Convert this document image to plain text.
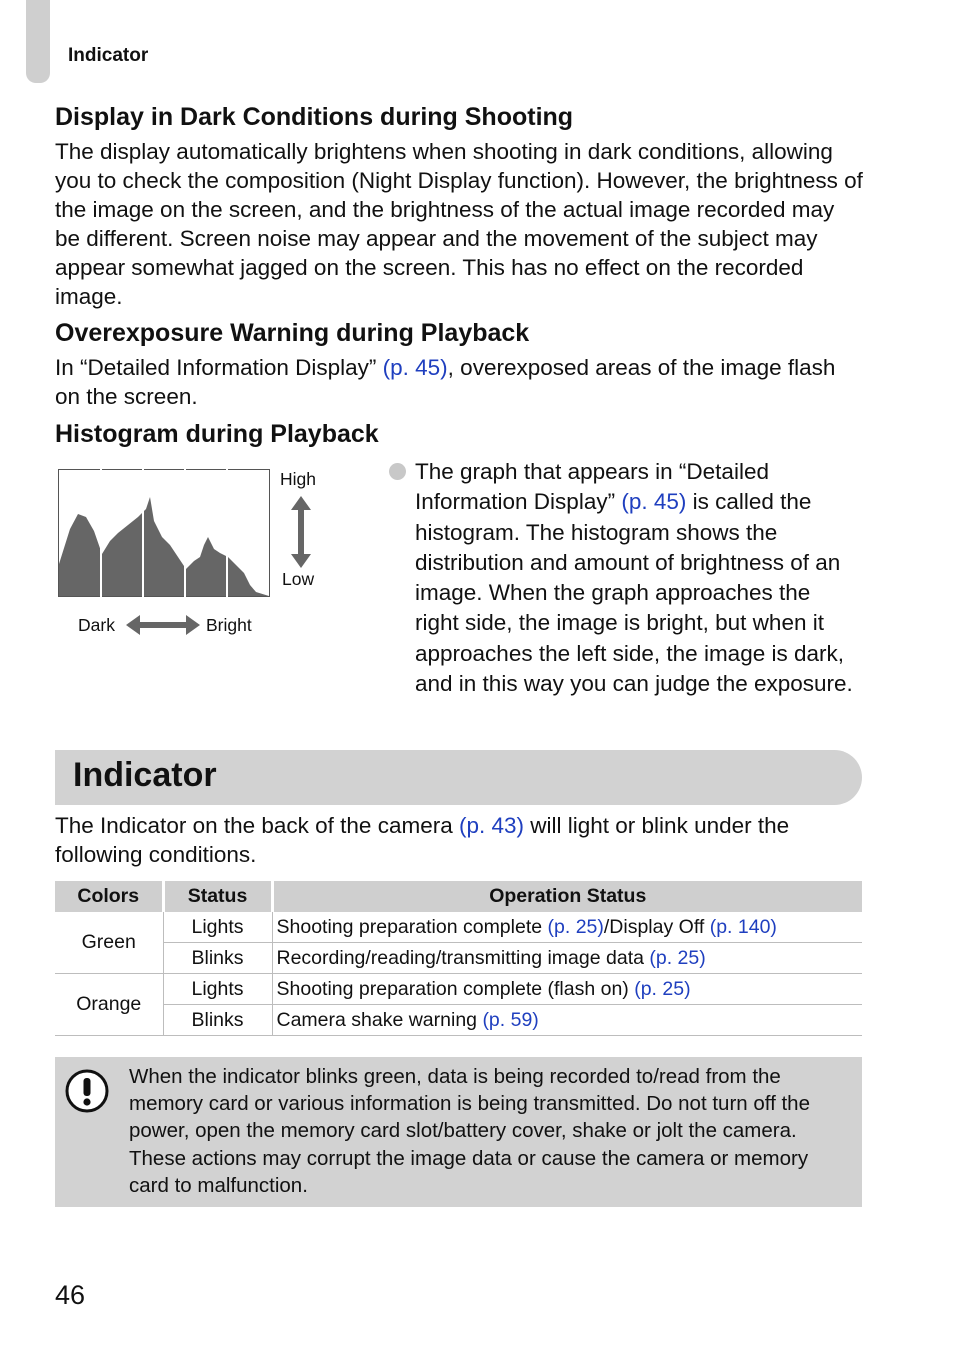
Indicator
Display in Dark Conditions during Shooting

The display automatically brightens when shooting in dark conditions, allowing you to check the composition (Night Display function). However, the brightness of the image on the screen, and the brightness of the actual image recorded may be different. Screen noise may appear and the movement of the subject may appear somewhat jagged on the screen. This has no effect on the recorded image.

Overexposure Warning during Playback

In “Detailed Information Display” (p. 45), overexposed areas of the image flash on the screen.

Histogram during Playback
High
Low
Dark	Bright

The graph that appears in “Detailed Information Display” (p. 45) is called the histogram. The histogram shows the distribution and amount of brightness of an image. When the graph approaches the right side, the image is bright, but when it approaches the left side, the image is dark, and in this way you can judge the exposure.

Indicator

The Indicator on the back of the camera (p. 43) will light or blink under the following conditions.

Colors	Status	Operation Status
Green	Lights	Shooting preparation complete (p. 25)/Display Off (p. 140)
	Blinks	Recording/reading/transmitting image data (p. 25)
Orange	Lights	Shooting preparation complete (flash on) (p. 25)
	Blinks	Camera shake warning (p. 59)

When the indicator blinks green, data is being recorded to/read from the memory card or various information is being transmitted. Do not turn off the power, open the memory card slot/battery cover, shake or jolt the camera. These actions may corrupt the image data or cause the camera or memory card to malfunction.

46
